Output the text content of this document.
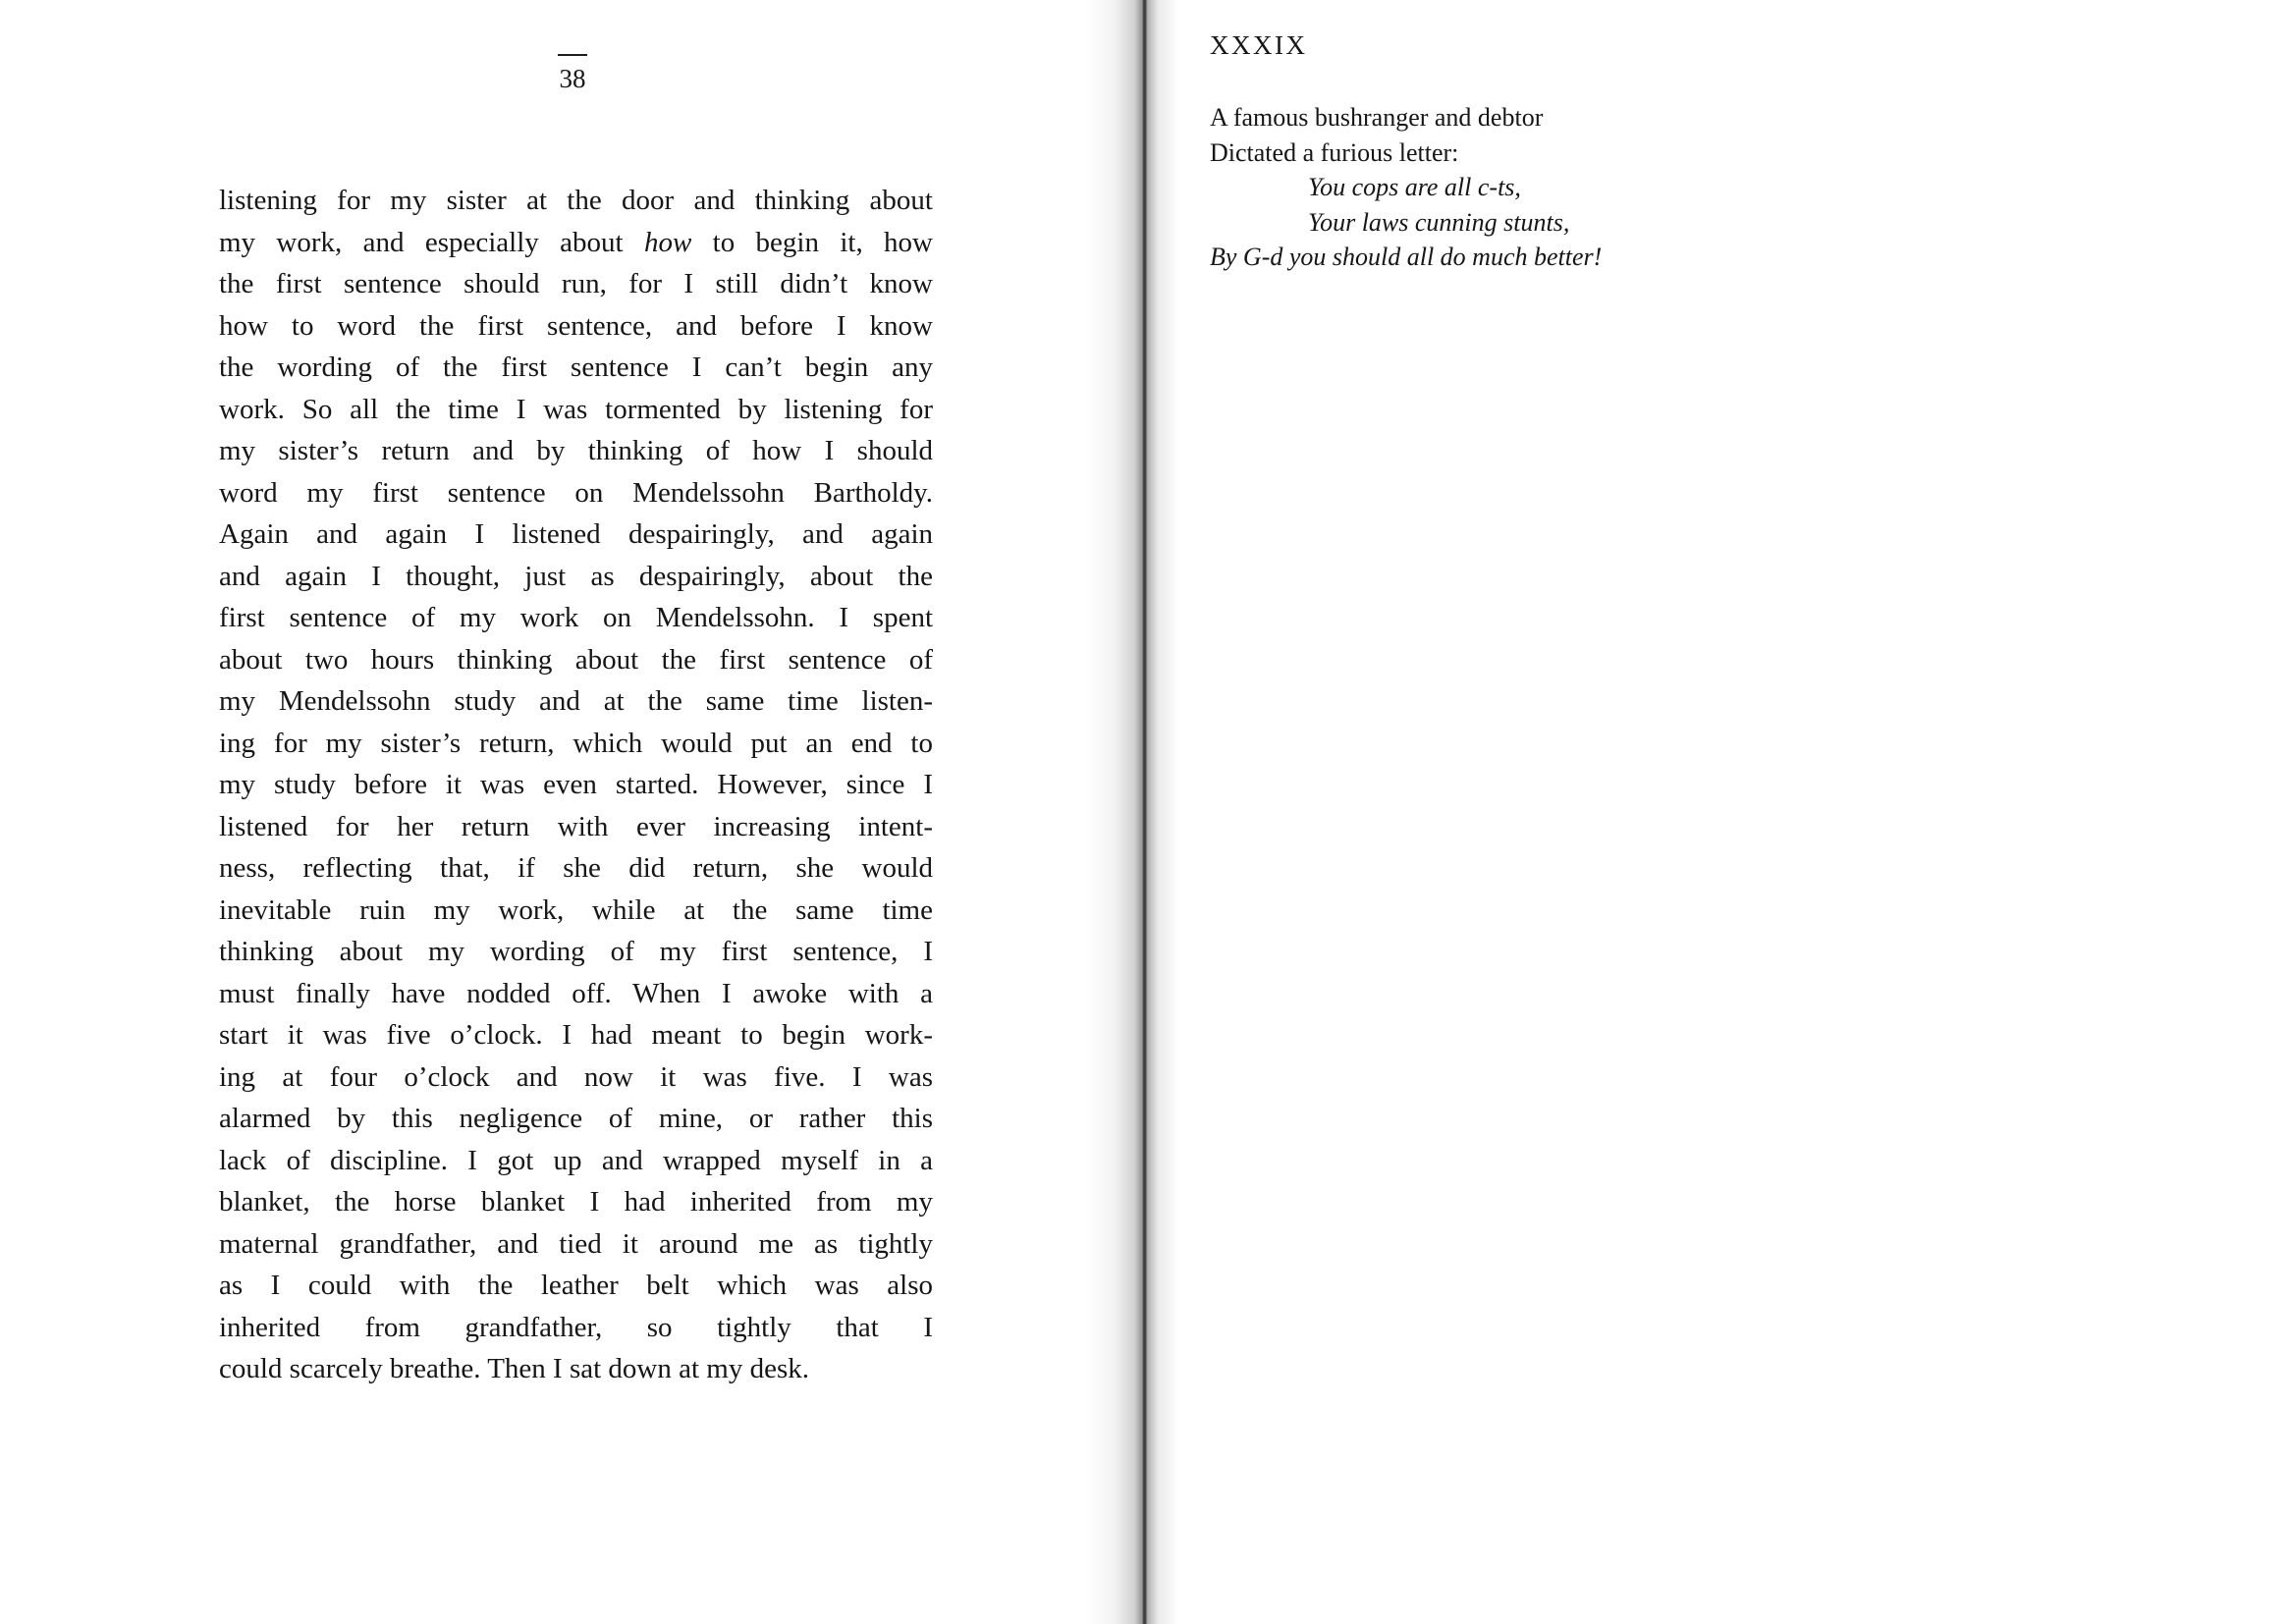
38
listening for my sister at the door and thinking about
my work, and especially about how to begin it, how
the first sentence should run, for I still didn’t know
how to word the first sentence, and before I know
the wording of the first sentence I can’t begin any
work. So all the time I was tormented by listening for
my sister’s return and by thinking of how I should
word my first sentence on Mendelssohn Bartholdy.
Again and again I listened despairingly, and again
and again I thought, just as despairingly, about the
first sentence of my work on Mendelssohn. I spent
about two hours thinking about the first sentence of
my Mendelssohn study and at the same time listen-
ing for my sister’s return, which would put an end to
my study before it was even started. However, since I
listened for her return with ever increasing intent-
ness, reflecting that, if she did return, she would
inevitable ruin my work, while at the same time
thinking about my wording of my first sentence, I
must finally have nodded off. When I awoke with a
start it was five o’clock. I had meant to begin work-
ing at four o’clock and now it was five. I was
alarmed by this negligence of mine, or rather this
lack of discipline. I got up and wrapped myself in a
blanket, the horse blanket I had inherited from my
maternal grandfather, and tied it around me as tightly
as I could with the leather belt which was also
inherited from grandfather, so tightly that I
could scarcely breathe. Then I sat down at my desk.
XXXIX
A famous bushranger and debtor
Dictated a furious letter:
You cops are all c-ts,
Your laws cunning stunts,
By G-d you should all do much better!
